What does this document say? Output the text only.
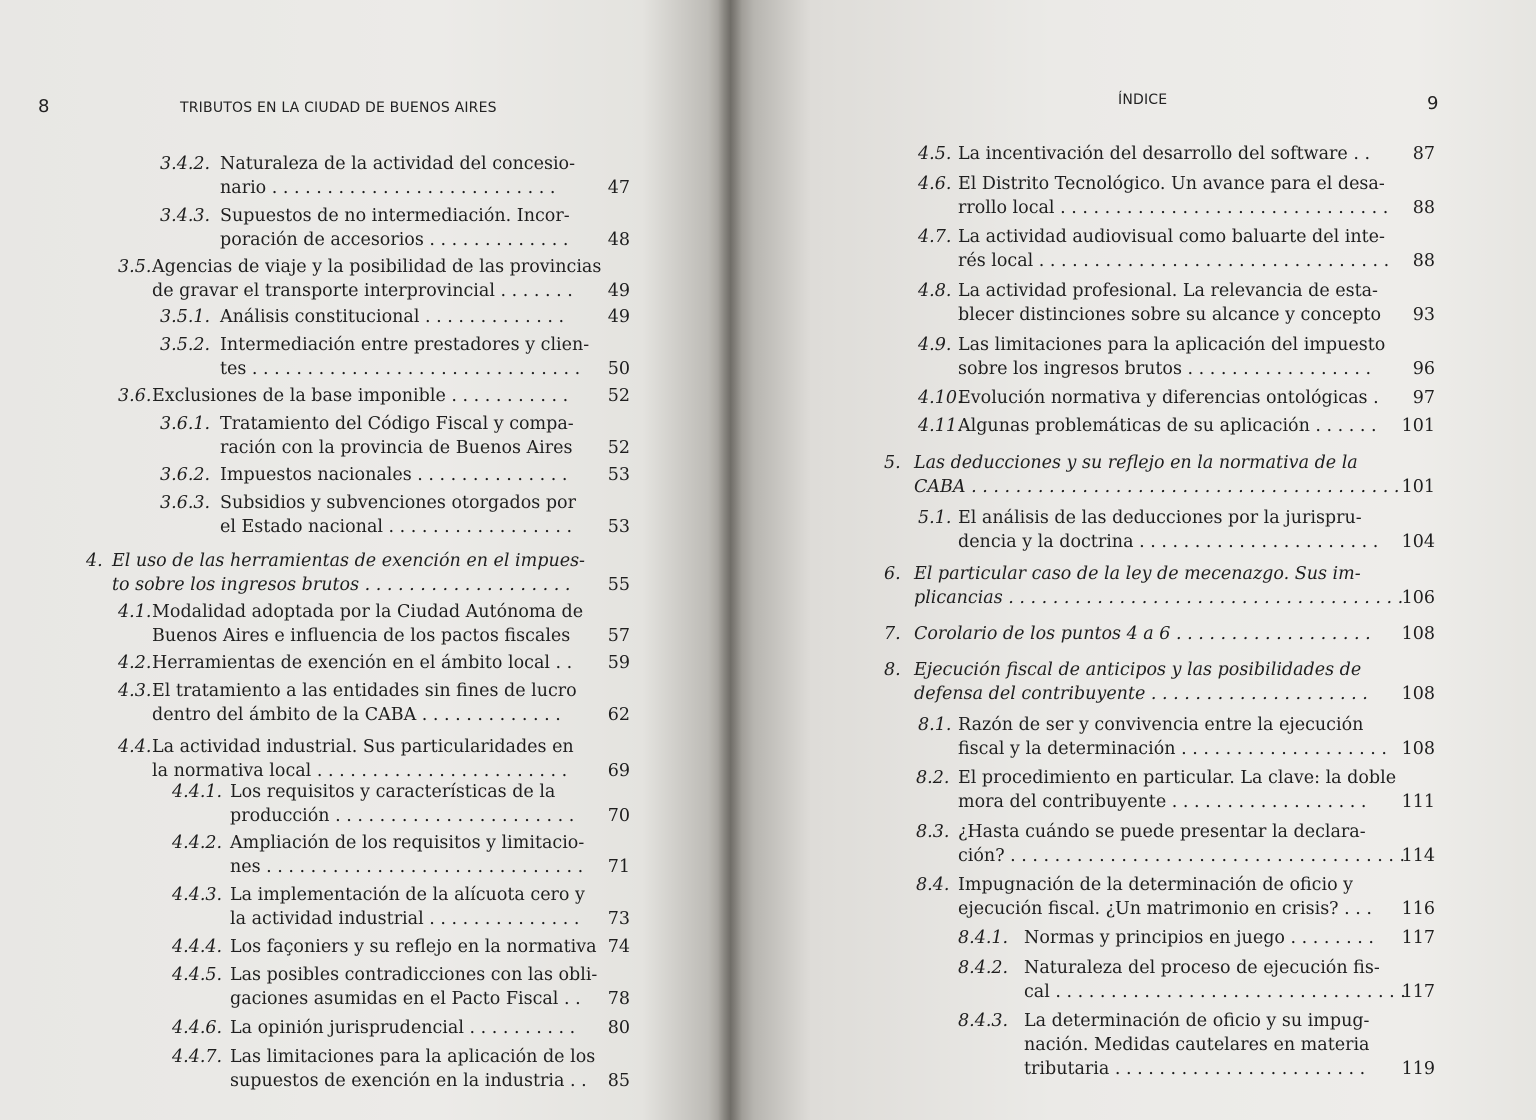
8	TRIBUTOS EN LA CIUDAD DE BUENOS AIRES
3.4.2. Naturaleza de la actividad del concesio-
nario . . . . . . . . . . . . . . . . . . . . . . . . . .	47
3.4.3. Supuestos de no intermediación. Incor-
poración de accesorios . . . . . . . . . . . . .	48
3.5. Agencias de viaje y la posibilidad de las provincias
de gravar el transporte interprovincial . . . . . . .	49
3.5.1. Análisis constitucional . . . . . . . . . . . . .	49
3.5.2. Intermediación entre prestadores y clien-
tes . . . . . . . . . . . . . . . . . . . . . . . . . . . . . .	50
3.6. Exclusiones de la base imponible . . . . . . . . . . .	52
3.6.1. Tratamiento del Código Fiscal y compa-
ración con la provincia de Buenos Aires	52
3.6.2. Impuestos nacionales . . . . . . . . . . . . . .	53
3.6.3. Subsidios y subvenciones otorgados por
el Estado nacional . . . . . . . . . . . . . . . . .	53
4. El uso de las herramientas de exención en el impues-
to sobre los ingresos brutos . . . . . . . . . . . . . . . . . . .	55
4.1. Modalidad adoptada por la Ciudad Autónoma de
Buenos Aires e influencia de los pactos fiscales	57
4.2. Herramientas de exención en el ámbito local . .	59
4.3. El tratamiento a las entidades sin fines de lucro
dentro del ámbito de la CABA . . . . . . . . . . . . .	62
4.4. La actividad industrial. Sus particularidades en
la normativa local . . . . . . . . . . . . . . . . . . . . . . .	69
4.4.1. Los requisitos y características de la
producción . . . . . . . . . . . . . . . . . . . . . .	70
4.4.2. Ampliación de los requisitos y limitacio-
nes . . . . . . . . . . . . . . . . . . . . . . . . . . . . .	71
4.4.3. La implementación de la alícuota cero y
la actividad industrial . . . . . . . . . . . . . .	73
4.4.4. Los façoniers y su reflejo en la normativa 74
4.4.5. Las posibles contradicciones con las obli-
gaciones asumidas en el Pacto Fiscal . .	78
4.4.6. La opinión jurisprudencial . . . . . . . . . .	80
4.4.7. Las limitaciones para la aplicación de los
supuestos de exención en la industria . .	85
ÍNDICE	9
4.5. La incentivación del desarrollo del software . .	87
4.6. El Distrito Tecnológico. Un avance para el desa-
rrollo local . . . . . . . . . . . . . . . . . . . . . . . . . . . . . .	88
4.7. La actividad audiovisual como baluarte del inte-
rés local . . . . . . . . . . . . . . . . . . . . . . . . . . . . . . . .	88
4.8. La actividad profesional. La relevancia de esta-
blecer distinciones sobre su alcance y concepto	93
4.9. Las limitaciones para la aplicación del impuesto
sobre los ingresos brutos . . . . . . . . . . . . . . . . .	96
4.10.
Evolución normativa y diferencias ontológicas .	97
4.11.
Algunas problemáticas de su aplicación . . . . . .	101
5. Las deducciones y su reflejo en la normativa de la
CABA . . . . . . . . . . . . . . . . . . . . . . . . . . . . . . . . . . . . . . . 101
5.1. El análisis de las deducciones por la jurispru-
dencia y la doctrina . . . . . . . . . . . . . . . . . . . . . .	104
6. El particular caso de la ley de mecenazgo. Sus im-
plicancias . . . . . . . . . . . . . . . . . . . . . . . . . . . . . . . . . . . .
106
7. Corolario de los puntos 4 a 6 . . . . . . . . . . . . . . . . . .	108
8. Ejecución fiscal de anticipos y las posibilidades de
defensa del contribuyente . . . . . . . . . . . . . . . . . . . .	108
8.1. Razón de ser y convivencia entre la ejecución
fiscal y la determinación . . . . . . . . . . . . . . . . . . . 108
8.2. El procedimiento en particular. La clave: la doble
mora del contribuyente . . . . . . . . . . . . . . . . . .	111
8.3. ¿Hasta cuándo se puede presentar la declara-
ción? . . . . . . . . . . . . . . . . . . . . . . . . . . . . . . . . . . . .
114
8.4. Impugnación de la determinación de oficio y
ejecución fiscal. ¿Un matrimonio en crisis? . . .	116
8.4.1. Normas y principios en juego . . . . . . . .	117
8.4.2. Naturaleza del proceso de ejecución fis-
cal . . . . . . . . . . . . . . . . . . . . . . . . . . . . . . . .
117
8.4.3. La determinación de oficio y su impug-
nación. Medidas cautelares en materia
tributaria . . . . . . . . . . . . . . . . . . . . . . .	119
